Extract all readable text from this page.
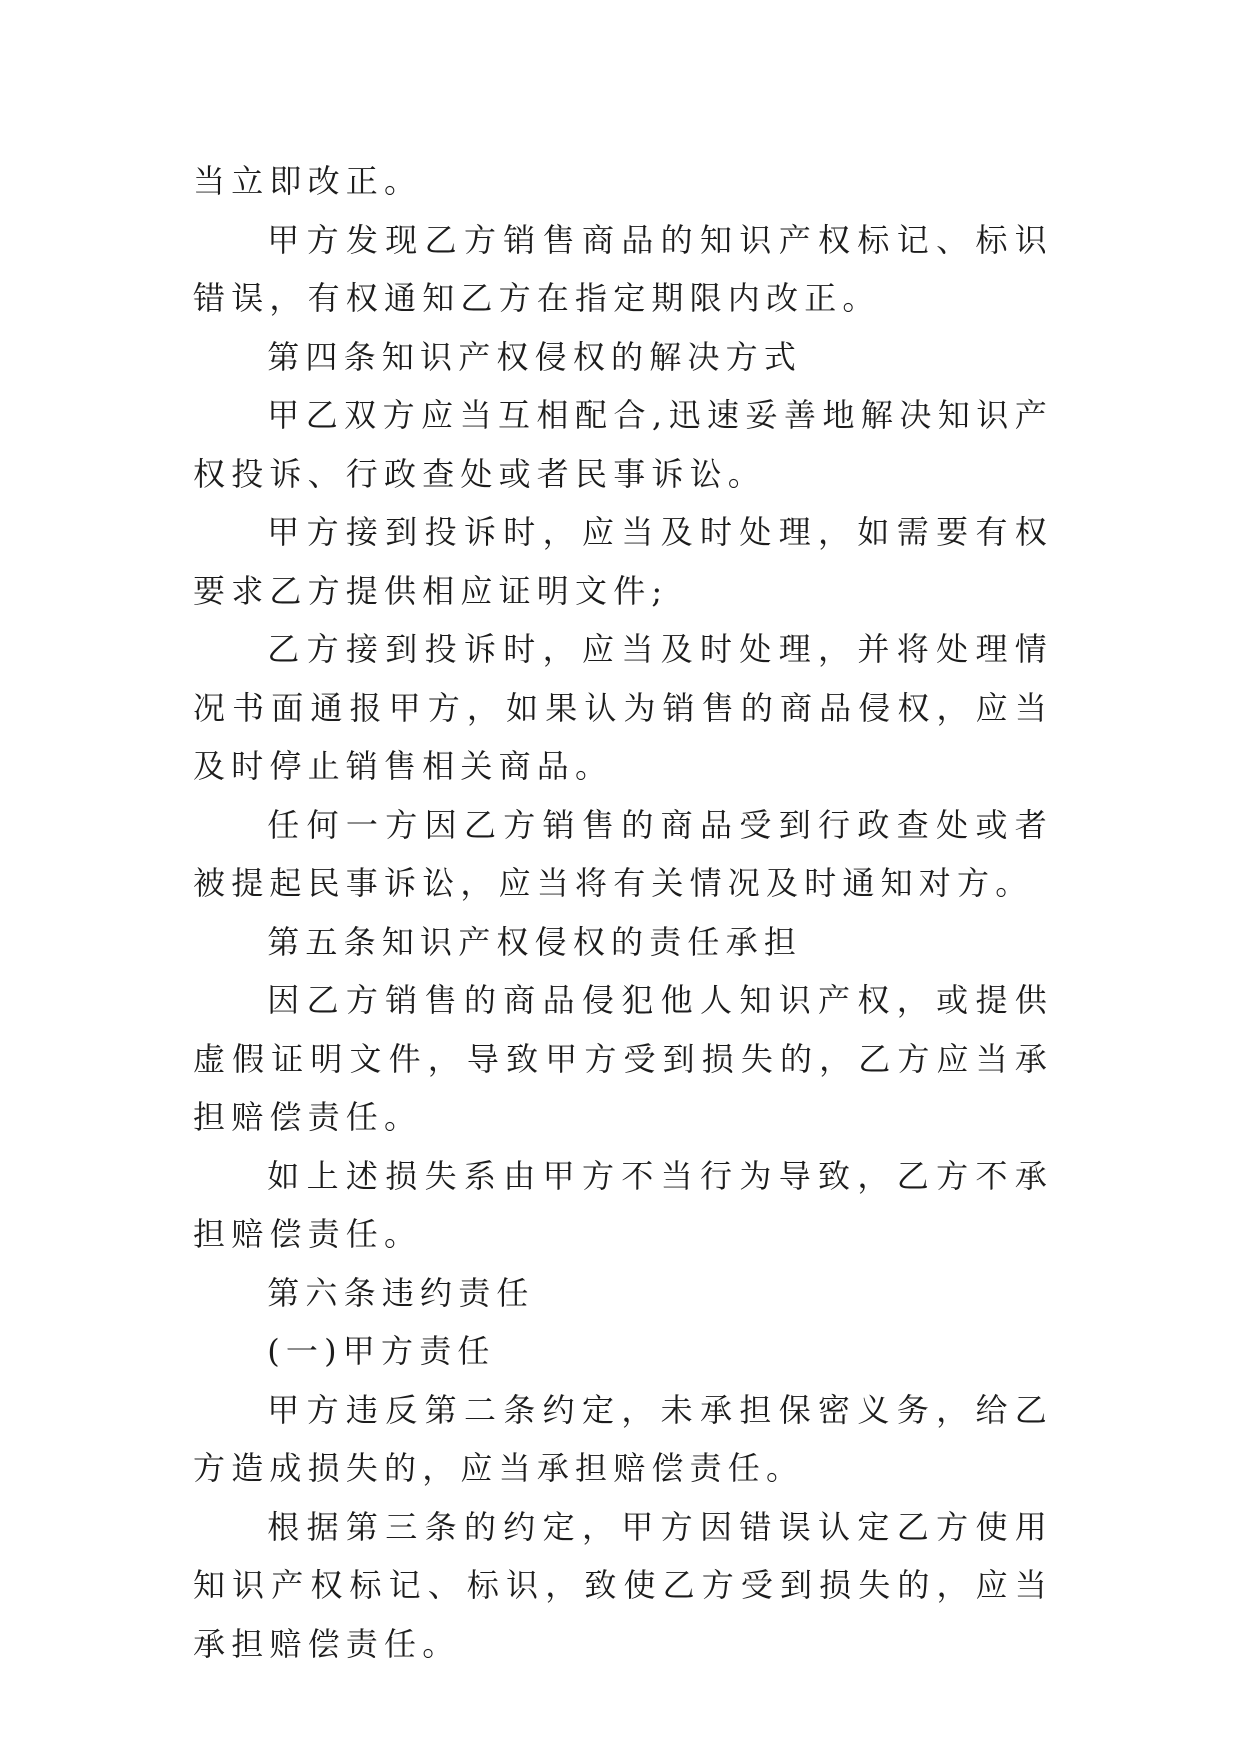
当立即改正。

甲方发现乙方销售商品的知识产权标记、标识错误，有权通知乙方在指定期限内改正。

第四条知识产权侵权的解决方式

甲乙双方应当互相配合,迅速妥善地解决知识产权投诉、行政查处或者民事诉讼。

甲方接到投诉时，应当及时处理，如需要有权要求乙方提供相应证明文件;

乙方接到投诉时，应当及时处理，并将处理情况书面通报甲方，如果认为销售的商品侵权，应当及时停止销售相关商品。

任何一方因乙方销售的商品受到行政查处或者被提起民事诉讼，应当将有关情况及时通知对方。

第五条知识产权侵权的责任承担

因乙方销售的商品侵犯他人知识产权，或提供虚假证明文件，导致甲方受到损失的，乙方应当承担赔偿责任。

如上述损失系由甲方不当行为导致，乙方不承担赔偿责任。

第六条违约责任

(一)甲方责任

甲方违反第二条约定，未承担保密义务，给乙方造成损失的，应当承担赔偿责任。

根据第三条的约定，甲方因错误认定乙方使用知识产权标记、标识，致使乙方受到损失的，应当承担赔偿责任。
